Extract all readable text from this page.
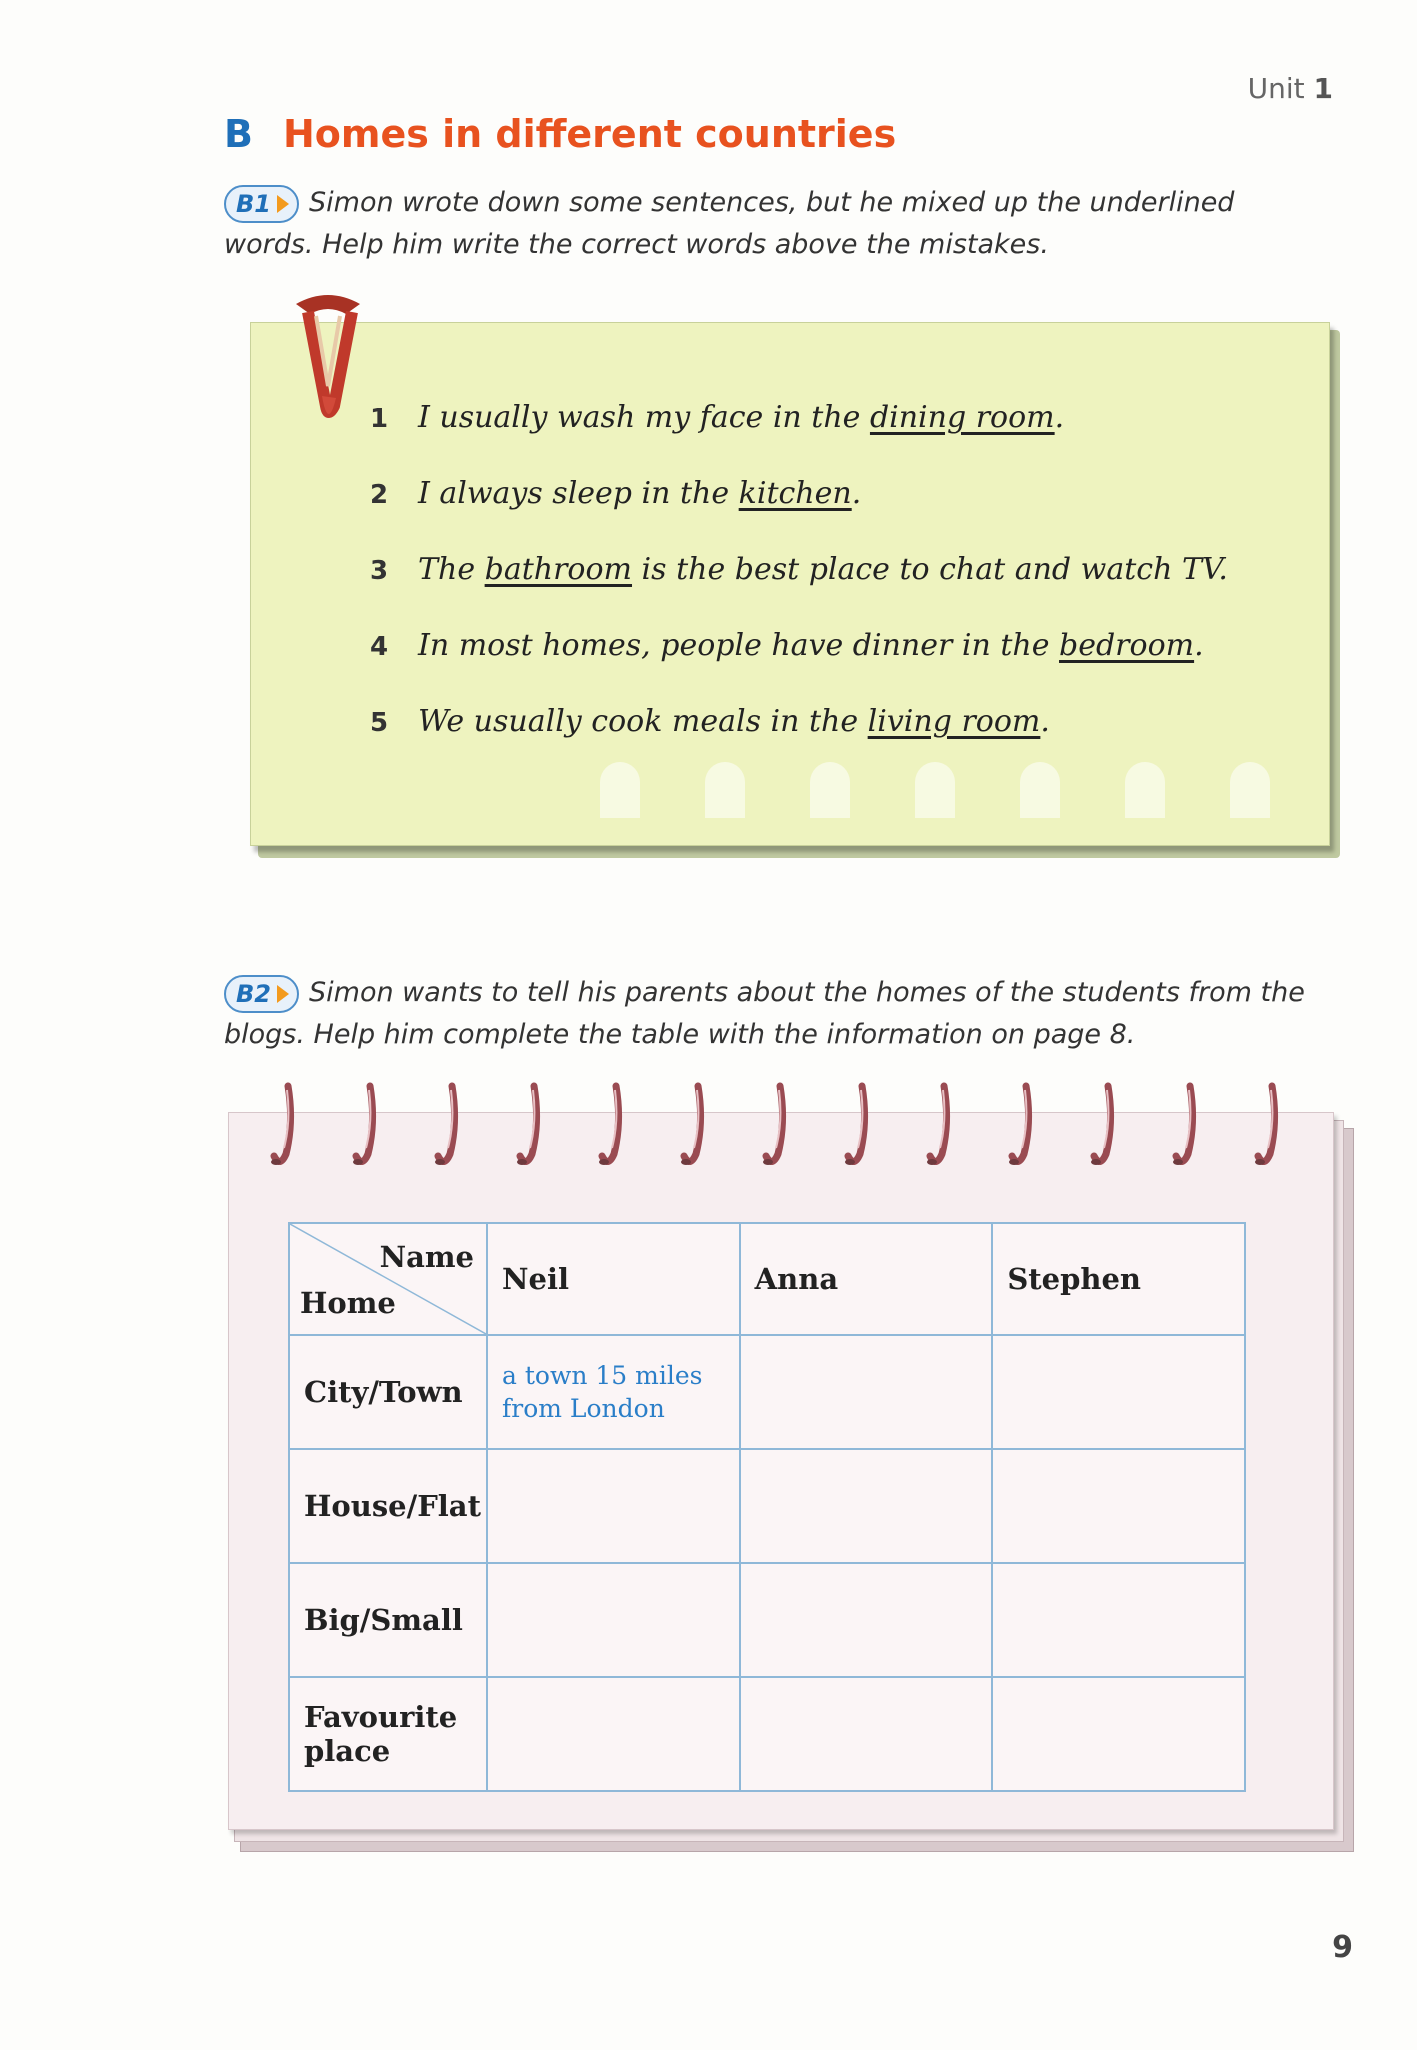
Unit 1
B Homes in different countries
B1 Simon wrote down some sentences, but he mixed up the underlined words. Help him write the correct words above the mistakes.
1 I usually wash my face in the dining room.
2 I always sleep in the kitchen.
3 The bathroom is the best place to chat and watch TV.
4 In most homes, people have dinner in the bedroom.
5 We usually cook meals in the living room.
B2 Simon wants to tell his parents about the homes of the students from the blogs. Help him complete the table with the information on page 8.
Name
Home	Neil	Anna	Stephen
City/Town	a town 15 miles from London		
House/Flat			
Big/Small			
Favourite place			
9
